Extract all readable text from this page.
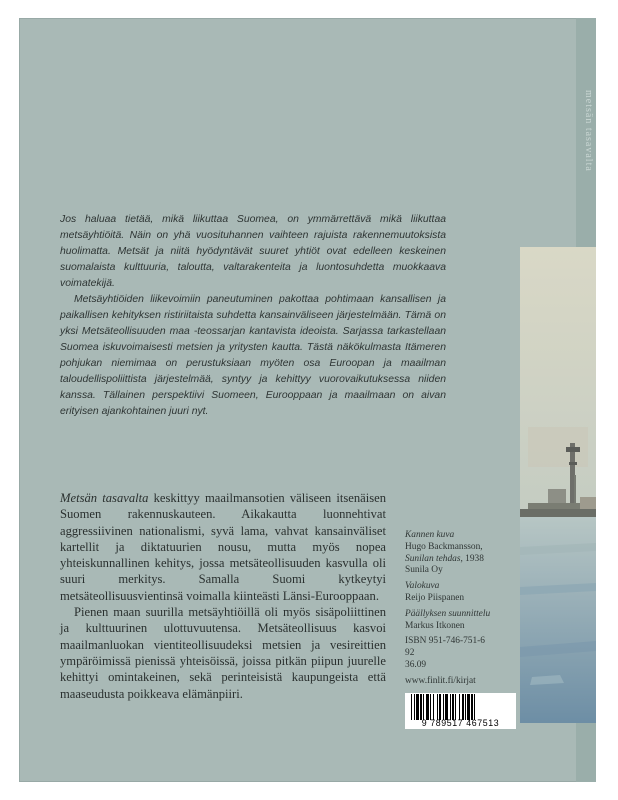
metsän tasavalta

Jos haluaa tietää, mikä liikuttaa Suomea, on ymmärrettävä mikä liikuttaa metsäyhtiöitä. Näin on yhä vuosituhannen vaihteen rajuista rakennemuutoksista huolimatta. Metsät ja niitä hyödyntävät suuret yhtiöt ovat edelleen keskeinen suomalaista kulttuuria, taloutta, valtarakenteita ja luontosuhdetta muokkaava voimatekijä.

Metsäyhtiöiden liikevoimiin paneutuminen pakottaa pohtimaan kansallisen ja paikallisen kehityksen ristiriitaista suhdetta kansainväliseen järjestelmään. Tämä on yksi Metsäteollisuuden maa -teossarjan kantavista ideoista. Sarjassa tarkastellaan Suomea iskuvoimaisesti metsien ja yritysten kautta. Tästä näkökulmasta Itämeren pohjukan niemimaa on perustuksiaan myöten osa Euroopan ja maailman taloudellispoliittista järjestelmää, syntyy ja kehittyy vuorovaikutuksessa niiden kanssa. Tällainen perspektiivi Suomeen, Eurooppaan ja maailmaan on aivan erityisen ajankohtainen juuri nyt.

Metsän tasavalta keskittyy maailmansotien väliseen itsenäisen Suomen rakennuskauteen. Aikakautta luonnehtivat aggressiivinen nationalismi, syvä lama, vahvat kansainväliset kartellit ja diktatuurien nousu, mutta myös nopea yhteiskunnallinen kehitys, jossa metsäteollisuuden kasvulla oli suuri merkitys. Samalla Suomi kytkeytyi metsäteollisuusvientinsä voimalla kiinteästi Länsi-Eurooppaan.

Pienen maan suurilla metsäyhtiöillä oli myös sisäpoliittinen ja kulttuurinen ulottuvuutensa. Metsäteollisuus kasvoi maailmanluokan vientiteollisuudeksi metsien ja vesireittien ympäröimissä pienissä yhteisöissä, joissa pitkän piipun juurelle kehittyi omintakeinen, sekä perinteisistä kaupungeista että maaseudusta poikkeava elämänpiiri.

Kannen kuva
Hugo Backmansson,
Sunilan tehdas, 1938
Sunila Oy
Valokuva
Reijo Piispanen
Päällyksen suunnittelu
Markus Itkonen
ISBN 951-746-751-6
92
36.09
www.finlit.fi/kirjat
9 789517 467513
